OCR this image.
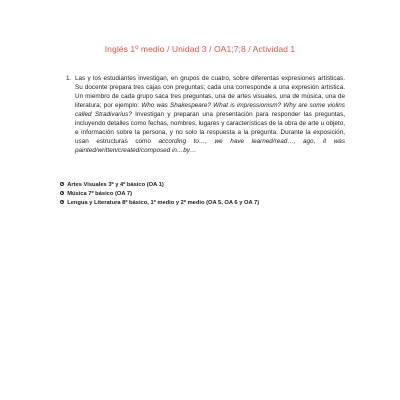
Inglés 1º medio / Unidad 3 / OA1;7;8 / Actividad 1
1. Las y los estudiantes investigan, en grupos de cuatro, sobre diferentas expresiones artísticas. Su docente prepara tres cajas con preguntas; cada una corresponde a una expresión artística. Un miembro de cada grupo saca tres preguntas, una de artes visuales, una de música, una de literatura; por ejemplo: Who was Shakespeare? What is impressionism? Why are some violins called Stradivarius? Investigan y preparan una presentación para responder las preguntas, incluyendo detalles como fechas, nombres, lugares y características de la obra de arte u objeto, e información sobre la persona, y no solo la respuesta a la pregunta. Durante la exposición, usan estructuras como according to…, we have learned/read…, ago, it was painted/written/created/composed in…by…
Artes Visuales 3º y 4º básico (OA 1)
Música 7º básico (OA 7)
Lengua y Literatura 8º básico, 1º medio y 2º medio (OA 5, OA 6 y OA 7)
